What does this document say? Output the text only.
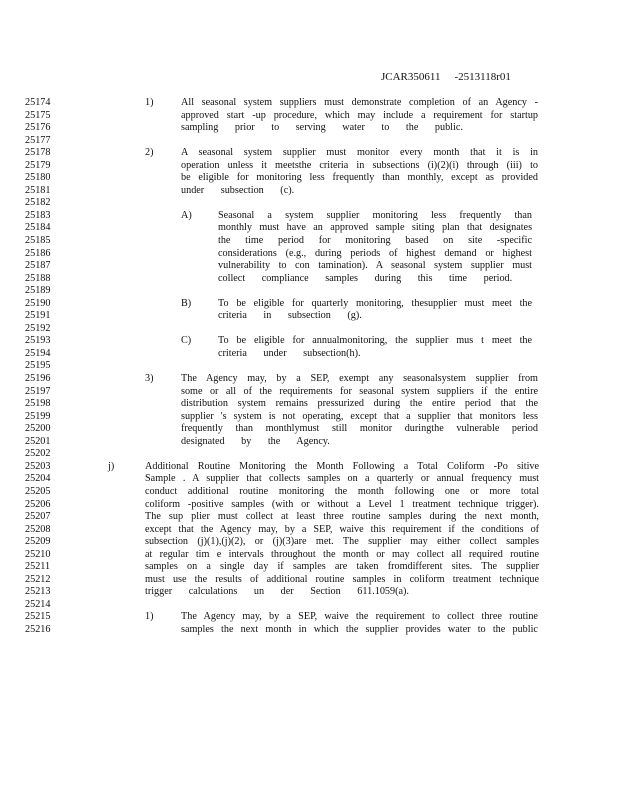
JCAR350611 -2513118r01
25174	1)	All seasonal system suppliers must demonstrate completion of an Agency -
25175	approved start -up procedure, which may include a requirement for startup
25176	sampling prior to serving water to the public.
25177
25178	2)	A seasonal system supplier must monitor every month that it is in
25179	operation unless it meetsthe criteria in subsections (i)(2)(i) through (iii) to
25180	be eligible for monitoring less frequently than monthly, except as provided
25181	under subsection (c).
25182
25183	A)	Seasonal a system supplier monitoring less frequently than
25184	monthly must have an approved sample siting plan that designates
25185	the time period for monitoring based on site -specific
25186	considerations (e.g., during periods of highest demand or highest
25187	vulnerability to con tamination). A seasonal system supplier must
25188	collect compliance samples during this time period.
25189
25190	B)	To be eligible for quarterly monitoring, thesupplier must meet the
25191	criteria in subsection (g).
25192
25193	C)	To be eligible for annualmonitoring, the supplier mus t meet the
25194	criteria under subsection(h).
25195
25196	3)	The Agency may, by a SEP, exempt any seasonalsystem supplier from
25197	some or all of the requirements for seasonal system suppliers if the entire
25198	distribution system remains pressurized during the entire period that the
25199	supplier 's system is not operating, except that a supplier that monitors less
25200	frequently than monthlymust still monitor duringthe vulnerable period
25201	designated by the Agency.
25202
25203	j)	Additional Routine Monitoring the Month Following a Total Coliform -Po sitive
25204	Sample . A supplier that collects samples on a quarterly or annual frequency must
25205	conduct additional routine monitoring the month following one or more total
25206	coliform -positive samples (with or without a Level 1 treatment technique trigger).
25207	The sup plier must collect at least three routine samples during the next month,
25208	except that the Agency may, by a SEP, waive this requirement if the conditions of
25209	subsection (j)(1),(j)(2), or (j)(3)are met. The supplier may either collect samples
25210	at regular tim e intervals throughout the month or may collect all required routine
25211	samples on a single day if samples are taken fromdifferent sites. The supplier
25212	must use the results of additional routine samples in coliform treatment technique
25213	trigger calculations un der Section 611.1059(a).
25214
25215	1)	The Agency may, by a SEP, waive the requirement to collect three routine
25216	samples the next month in which the supplier provides water to the public
